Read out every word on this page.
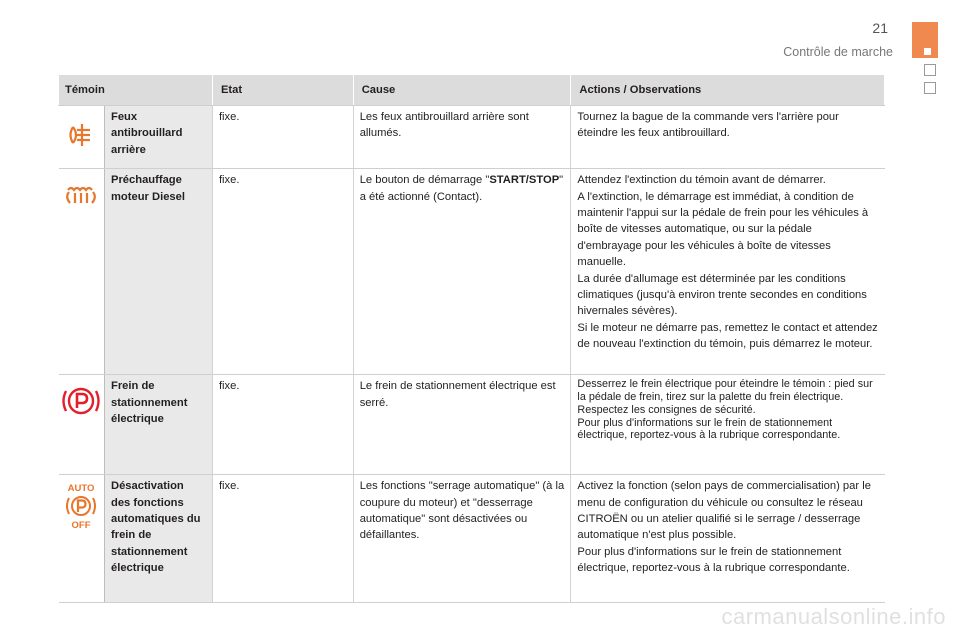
21
Contrôle de marche
Témoin		Etat	Cause	Actions / Observations

	Feux antibrouillard arrière	fixe.	Les feux antibrouillard arrière sont allumés.	Tournez la bague de la commande vers l'arrière pour éteindre les feux antibrouillard.

	Préchauffage moteur Diesel	fixe.	Le bouton de démarrage "START/STOP" a été actionné (Contact).	Attendez l'extinction du témoin avant de démarrer.
A l'extinction, le démarrage est immédiat, à condition de maintenir l'appui sur la pédale de frein pour les véhicules à boîte de vitesses automatique, ou sur la pédale d'embrayage pour les véhicules à boîte de vitesses manuelle.
La durée d'allumage est déterminée par les conditions climatiques (jusqu'à environ trente secondes en conditions hivernales sévères).
Si le moteur ne démarre pas, remettez le contact et attendez de nouveau l'extinction du témoin, puis démarrez le moteur.

	Frein de stationnement électrique	fixe.	Le frein de stationnement électrique est serré.	Desserrez le frein électrique pour éteindre le témoin : pied sur la pédale de frein, tirez sur la palette du frein électrique.
Respectez les consignes de sécurité.
Pour plus d'informations sur le frein de stationnement électrique, reportez-vous à la rubrique correspondante.

AUTO
OFF	Désactivation des fonctions automatiques du frein de stationnement électrique	fixe.	Les fonctions "serrage automatique" (à la coupure du moteur) et "desserrage automatique" sont désactivées ou défaillantes.	Activez la fonction (selon pays de commercialisation) par le menu de configuration du véhicule ou consultez le réseau CITROËN ou un atelier qualifié si le serrage / desserrage automatique n'est plus possible.
Pour plus d'informations sur le frein de stationnement électrique, reportez-vous à la rubrique correspondante.
carmanualsonline.info
